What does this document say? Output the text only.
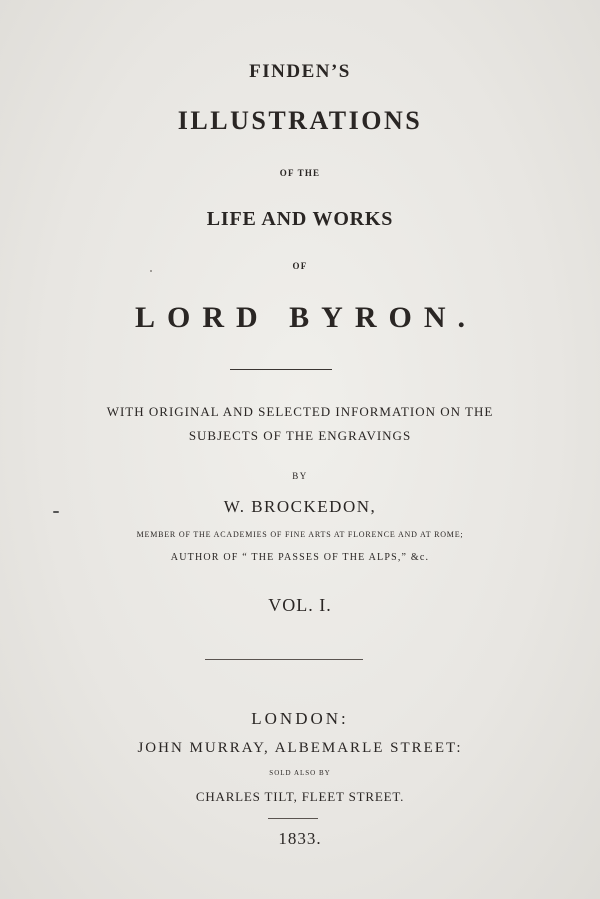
FINDEN’S
ILLUSTRATIONS
OF THE
LIFE AND WORKS
OF
LORD BYRON.
WITH ORIGINAL AND SELECTED INFORMATION ON THE
SUBJECTS OF THE ENGRAVINGS
BY
W. BROCKEDON,
MEMBER OF THE ACADEMIES OF FINE ARTS AT FLORENCE AND AT ROME;
AUTHOR OF “ THE PASSES OF THE ALPS,” &c.
VOL. I.
LONDON:
JOHN MURRAY, ALBEMARLE STREET:
SOLD ALSO BY
CHARLES TILT, FLEET STREET.
1833.
